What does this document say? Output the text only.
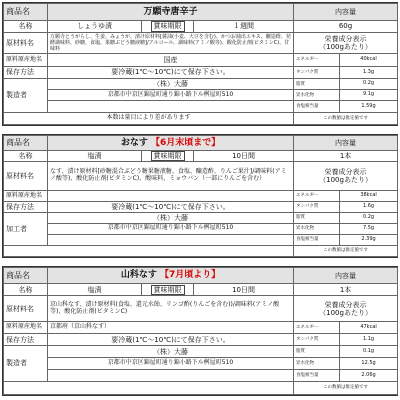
商品名	万願寺唐辛子			内容量	
名称	しょうゆ漬	賞味期限	１週間	60g	
原材料名	万願寺とうがらし、生姜、みょうが、漬け原材料[醤油(小麦、大豆を含む)、かつお抽出エキス、醸造酢、発酵調味料、砂糖、食塩、果糖ぶどう糖液糖]/アルコール、調味料(アミノ酸等)、酸化防止剤(ビタミンC)、甘味料			栄養成分表示
（100gあたり）	
原料原産地名	国産			エネルギー	40kcal
保存方法	要冷蔵(1℃〜10℃)にて保存下さい。			タンパク質	1.3g
製造者	（株）大藤			脂質	0.2g
	京都市中京区錦屋町通り錦小路下ル桝屋町510			炭水化物	9.1g
				食塩相当量	1.59g
本数は量目により差があります				この数値は推定値です	
商品名	おなす 【6月末頃まで】			内容量	
名称	塩漬	賞味期限	10日間	1本	
原材料名	なす、漬け原材料[砂糖混合ぶどう糖果糖液糖、食塩、醸造酢、りんご果汁]/調味料(アミノ酸等)、酸化防止剤(ビタミンC)、酸味料、ミョウバン（一部にりんごを含む）			栄養成分表示
（100gあたり）	
原料原産地名				エネルギー	38kcal
保存方法	要冷蔵(1℃〜10℃)にて保存下さい。			タンパク質	1.6g
加工者	（株）大藤			脂質	0.2g
	京都市中京区錦屋町通り錦小路下ル桝屋町510			炭水化物	7.5g
				食塩相当量	2.39g
				この数値は推定値です	
商品名	山科なす 【7月頃より】			内容量	
名称	塩漬	賞味期限	10日間	1本	
原材料名	京山科なす、漬け原材料(食塩、還元水飴、リンゴ酢(りんごを含む))/調味料(アミノ酸等)、酸化防止剤(ビタミンC)			栄養成分表示
（100gあたり）	
原料原産地名	京都府（京山科なす）			エネルギー	47kcal
保存方法	要冷蔵(1℃〜10℃)にて保存下さい。			タンパク質	1.1g
製造者	（株）大藤			脂質	0.1g
	京都市中京区錦屋町通り錦小路下ル桝屋町510			炭水化物	12.5g
				食塩相当量	2.06g
				この数値は推定値です	
